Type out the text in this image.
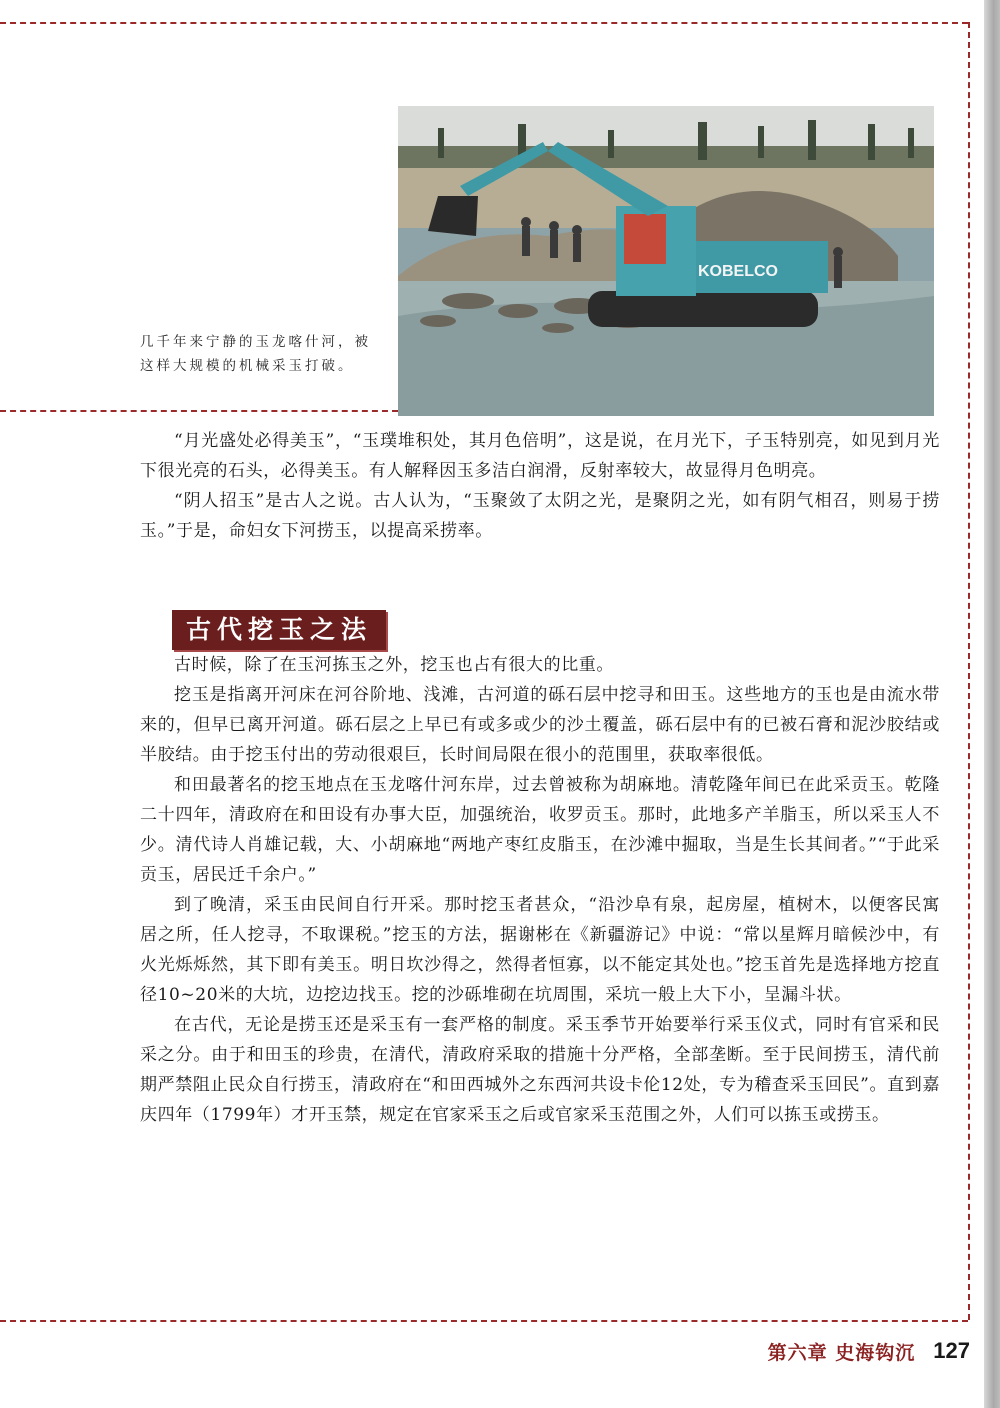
KOBELCO
几千年来宁静的玉龙喀什河，被这样大规模的机械采玉打破。

“月光盛处必得美玉”，“玉璞堆积处，其月色倍明”，这是说，在月光下，子玉特别亮，如见到月光下很光亮的石头，必得美玉。有人解释因玉多洁白润滑，反射率较大，故显得月色明亮。

“阴人招玉”是古人之说。古人认为，“玉聚敛了太阴之光，是聚阴之光，如有阴气相召，则易于捞玉。”于是，命妇女下河捞玉，以提高采捞率。

古代挖玉之法

古时候，除了在玉河拣玉之外，挖玉也占有很大的比重。

挖玉是指离开河床在河谷阶地、浅滩，古河道的砾石层中挖寻和田玉。这些地方的玉也是由流水带来的，但早已离开河道。砾石层之上早已有或多或少的沙土覆盖，砾石层中有的已被石膏和泥沙胶结或半胶结。由于挖玉付出的劳动很艰巨，长时间局限在很小的范围里，获取率很低。

和田最著名的挖玉地点在玉龙喀什河东岸，过去曾被称为胡麻地。清乾隆年间已在此采贡玉。乾隆二十四年，清政府在和田设有办事大臣，加强统治，收罗贡玉。那时，此地多产羊脂玉，所以采玉人不少。清代诗人肖雄记载，大、小胡麻地“两地产枣红皮脂玉，在沙滩中掘取，当是生长其间者。”“于此采贡玉，居民迁千余户。”

到了晚清，采玉由民间自行开采。那时挖玉者甚众，“沿沙阜有泉，起房屋，植树木，以便客民寓居之所，任人挖寻，不取课税。”挖玉的方法，据谢彬在《新疆游记》中说：“常以星辉月暗候沙中，有火光烁烁然，其下即有美玉。明日坎沙得之，然得者恒寡，以不能定其处也。”挖玉首先是选择地方挖直径10~20米的大坑，边挖边找玉。挖的沙砾堆砌在坑周围，采坑一般上大下小，呈漏斗状。

在古代，无论是捞玉还是采玉有一套严格的制度。采玉季节开始要举行采玉仪式，同时有官采和民采之分。由于和田玉的珍贵，在清代，清政府采取的措施十分严格，全部垄断。至于民间捞玉，清代前期严禁阻止民众自行捞玉，清政府在“和田西城外之东西河共设卡伦12处，专为稽查采玉回民”。直到嘉庆四年（1799年）才开玉禁，规定在官家采玉之后或官家采玉范围之外，人们可以拣玉或捞玉。

第六章 史海钩沉 127
